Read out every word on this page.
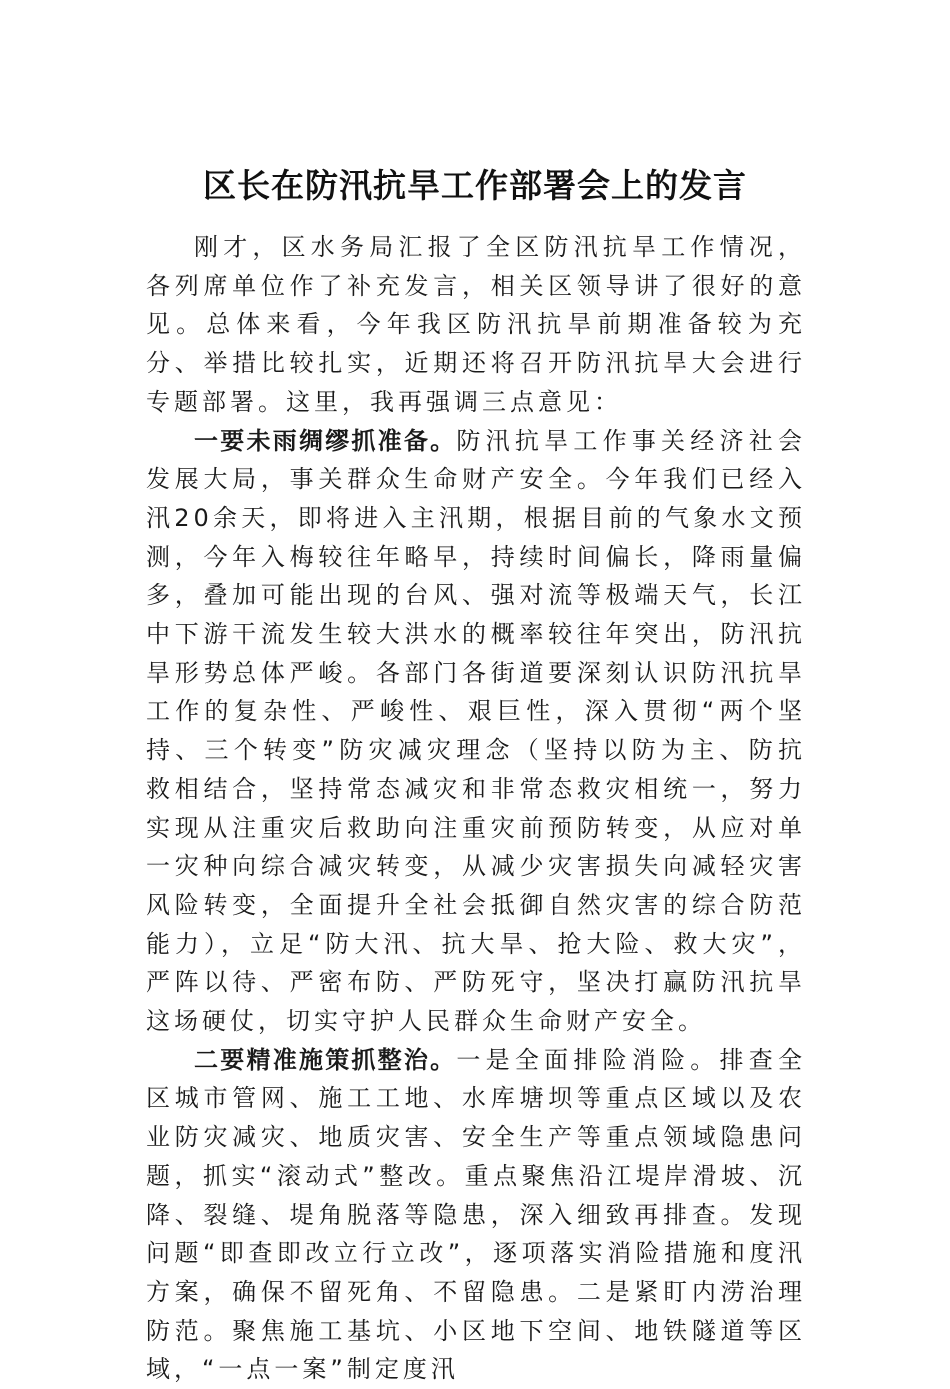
区长在防汛抗旱工作部署会上的发言

刚才，区水务局汇报了全区防汛抗旱工作情况，各列席单位作了补充发言，相关区领导讲了很好的意见。总体来看，今年我区防汛抗旱前期准备较为充分、举措比较扎实，近期还将召开防汛抗旱大会进行专题部署。这里，我再强调三点意见：

一要未雨绸缪抓准备。防汛抗旱工作事关经济社会发展大局，事关群众生命财产安全。今年我们已经入汛20余天，即将进入主汛期，根据目前的气象水文预测，今年入梅较往年略早，持续时间偏长，降雨量偏多，叠加可能出现的台风、强对流等极端天气，长江中下游干流发生较大洪水的概率较往年突出，防汛抗旱形势总体严峻。各部门各街道要深刻认识防汛抗旱工作的复杂性、严峻性、艰巨性，深入贯彻“两个坚持、三个转变”防灾减灾理念（坚持以防为主、防抗救相结合，坚持常态减灾和非常态救灾相统一，努力实现从注重灾后救助向注重灾前预防转变，从应对单一灾种向综合减灾转变，从减少灾害损失向减轻灾害风险转变，全面提升全社会抵御自然灾害的综合防范能力），立足“防大汛、抗大旱、抢大险、救大灾”，严阵以待、严密布防、严防死守，坚决打赢防汛抗旱这场硬仗，切实守护人民群众生命财产安全。

二要精准施策抓整治。一是全面排险消险。排查全区城市管网、施工工地、水库塘坝等重点区域以及农业防灾减灾、地质灾害、安全生产等重点领域隐患问题，抓实“滚动式”整改。重点聚焦沿江堤岸滑坡、沉降、裂缝、堤角脱落等隐患，深入细致再排查。发现问题“即查即改立行立改”，逐项落实消险措施和度汛方案，确保不留死角、不留隐患。二是紧盯内涝治理防范。聚焦施工基坑、小区地下空间、地铁隧道等区域，“一点一案”制定度汛
